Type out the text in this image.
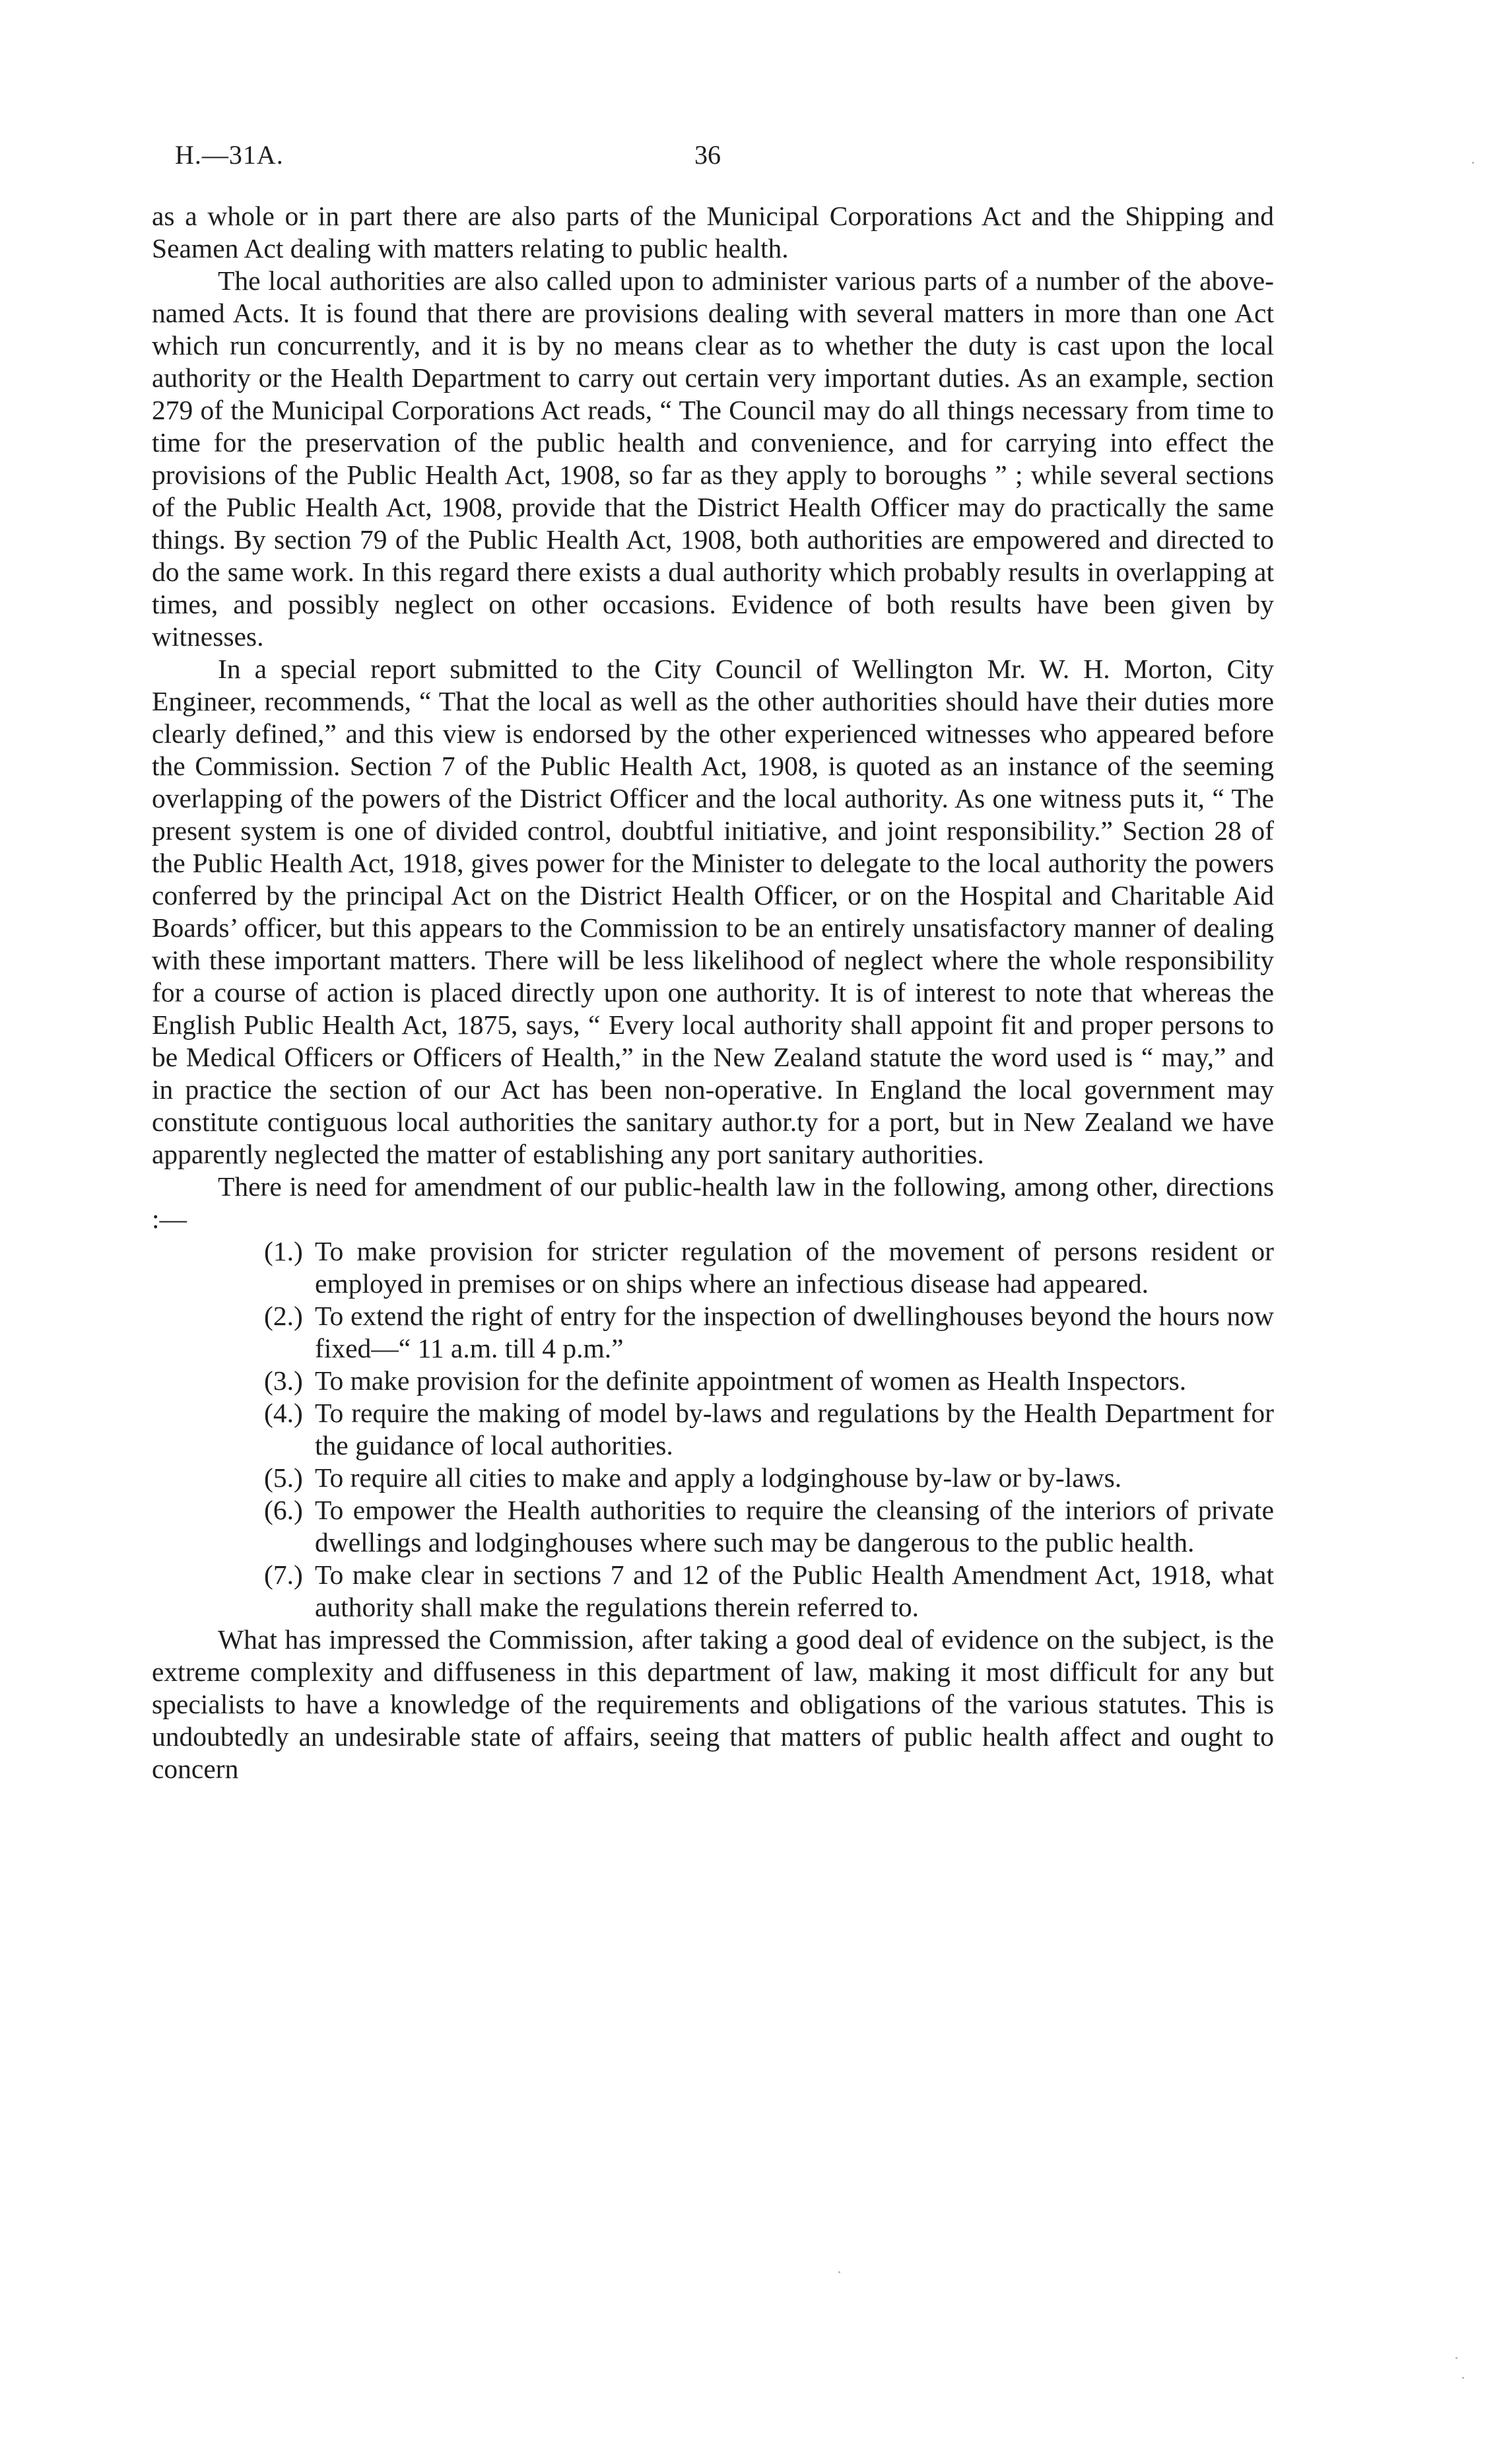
H.—31A.	36

as a whole or in part there are also parts of the Municipal Corporations Act and the Shipping and Seamen Act dealing with matters relating to public health.

The local authorities are also called upon to administer various parts of a number of the above-named Acts. It is found that there are provisions dealing with several matters in more than one Act which run concurrently, and it is by no means clear as to whether the duty is cast upon the local authority or the Health Department to carry out certain very important duties. As an example, section 279 of the Municipal Corporations Act reads, “ The Council may do all things necessary from time to time for the preservation of the public health and convenience, and for carrying into effect the provisions of the Public Health Act, 1908, so far as they apply to boroughs ” ; while several sections of the Public Health Act, 1908, provide that the District Health Officer may do practically the same things. By section 79 of the Public Health Act, 1908, both authorities are empowered and directed to do the same work. In this regard there exists a dual authority which probably results in overlapping at times, and possibly neglect on other occasions. Evidence of both results have been given by witnesses.

In a special report submitted to the City Council of Wellington Mr. W. H. Morton, City Engineer, recommends, “ That the local as well as the other authorities should have their duties more clearly defined,” and this view is endorsed by the other experienced witnesses who appeared before the Commission. Section 7 of the Public Health Act, 1908, is quoted as an instance of the seeming overlapping of the powers of the District Officer and the local authority. As one witness puts it, “ The present system is one of divided control, doubtful initiative, and joint responsibility.” Section 28 of the Public Health Act, 1918, gives power for the Minister to delegate to the local authority the powers conferred by the principal Act on the District Health Officer, or on the Hospital and Charitable Aid Boards’ officer, but this appears to the Commission to be an entirely unsatisfactory manner of dealing with these important matters. There will be less likelihood of neglect where the whole responsibility for a course of action is placed directly upon one authority. It is of interest to note that whereas the English Public Health Act, 1875, says, “ Every local authority shall appoint fit and proper persons to be Medical Officers or Officers of Health,” in the New Zealand statute the word used is “ may,” and in practice the section of our Act has been non-operative. In England the local government may constitute contiguous local authorities the sanitary author.ty for a port, but in New Zealand we have apparently neglected the matter of establishing any port sanitary authorities.

There is need for amendment of our public-health law in the following, among other, directions :—

(1.) To make provision for stricter regulation of the movement of persons resident or employed in premises or on ships where an infectious disease had appeared.
(2.) To extend the right of entry for the inspection of dwellinghouses beyond the hours now fixed—“ 11 a.m. till 4 p.m.”
(3.) To make provision for the definite appointment of women as Health Inspectors.
(4.) To require the making of model by-laws and regulations by the Health Department for the guidance of local authorities.
(5.) To require all cities to make and apply a lodginghouse by-law or by-laws.
(6.) To empower the Health authorities to require the cleansing of the interiors of private dwellings and lodginghouses where such may be dangerous to the public health.
(7.) To make clear in sections 7 and 12 of the Public Health Amendment Act, 1918, what authority shall make the regulations therein referred to.

What has impressed the Commission, after taking a good deal of evidence on the subject, is the extreme complexity and diffuseness in this department of law, making it most difficult for any but specialists to have a knowledge of the requirements and obligations of the various statutes. This is undoubtedly an undesirable state of affairs, seeing that matters of public health affect and ought to concern
